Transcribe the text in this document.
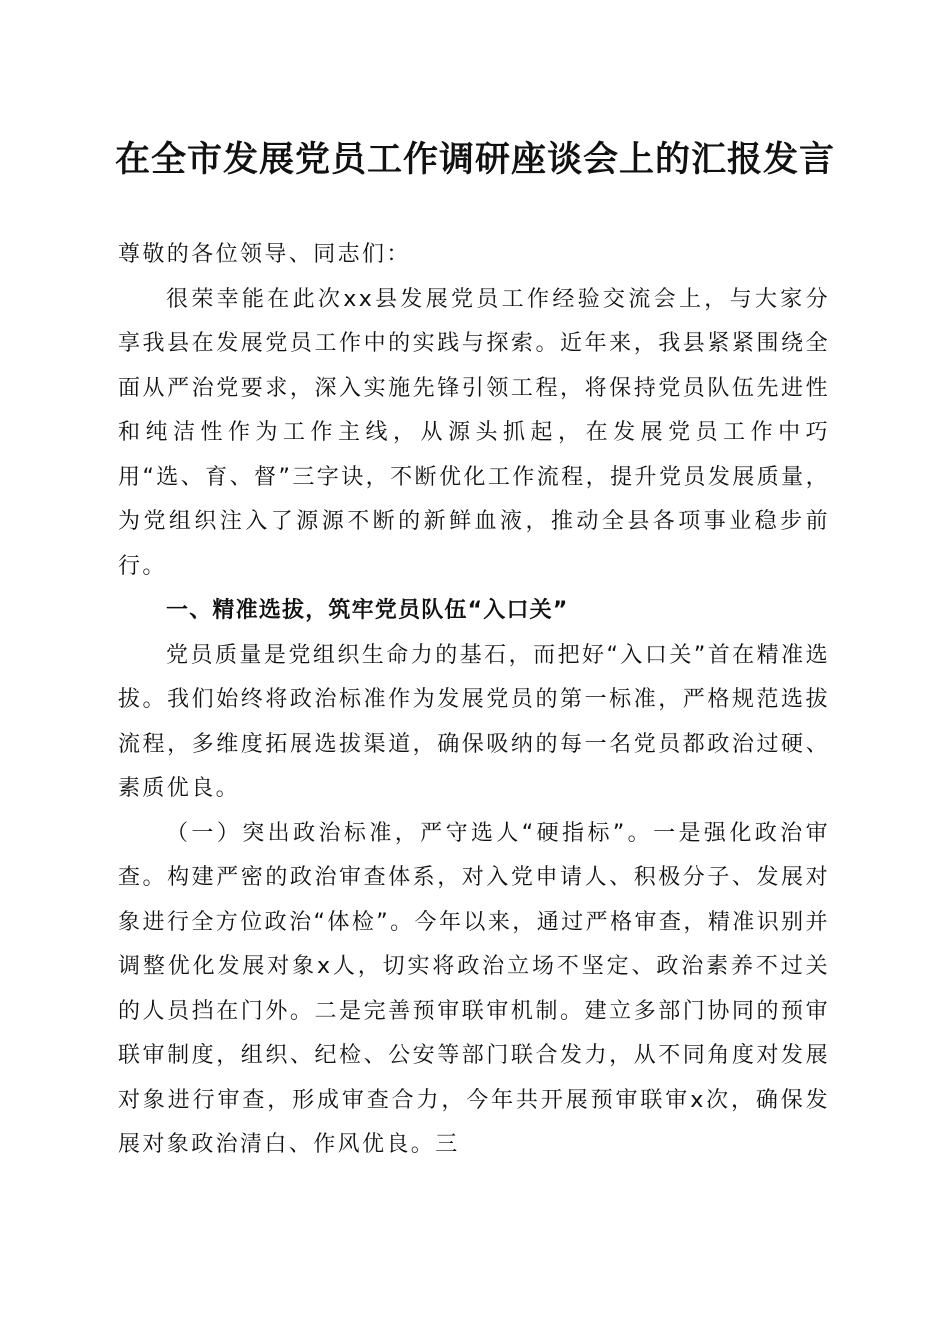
在全市发展党员工作调研座谈会上的汇报发言

尊敬的各位领导、同志们：

很荣幸能在此次xx县发展党员工作经验交流会上，与大家分享我县在发展党员工作中的实践与探索。近年来，我县紧紧围绕全面从严治党要求，深入实施先锋引领工程，将保持党员队伍先进性和纯洁性作为工作主线，从源头抓起，在发展党员工作中巧用“选、育、督”三字诀，不断优化工作流程，提升党员发展质量，为党组织注入了源源不断的新鲜血液，推动全县各项事业稳步前行。

一、精准选拔，筑牢党员队伍“入口关”

党员质量是党组织生命力的基石，而把好“入口关”首在精准选拔。我们始终将政治标准作为发展党员的第一标准，严格规范选拔流程，多维度拓展选拔渠道，确保吸纳的每一名党员都政治过硬、素质优良。

（一）突出政治标准，严守选人“硬指标”。一是强化政治审查。构建严密的政治审查体系，对入党申请人、积极分子、发展对象进行全方位政治“体检”。今年以来，通过严格审查，精准识别并调整优化发展对象x人，切实将政治立场不坚定、政治素养不过关的人员挡在门外。二是完善预审联审机制。建立多部门协同的预审联审制度，组织、纪检、公安等部门联合发力，从不同角度对发展对象进行审查，形成审查合力，今年共开展预审联审x次，确保发展对象政治清白、作风优良。三
